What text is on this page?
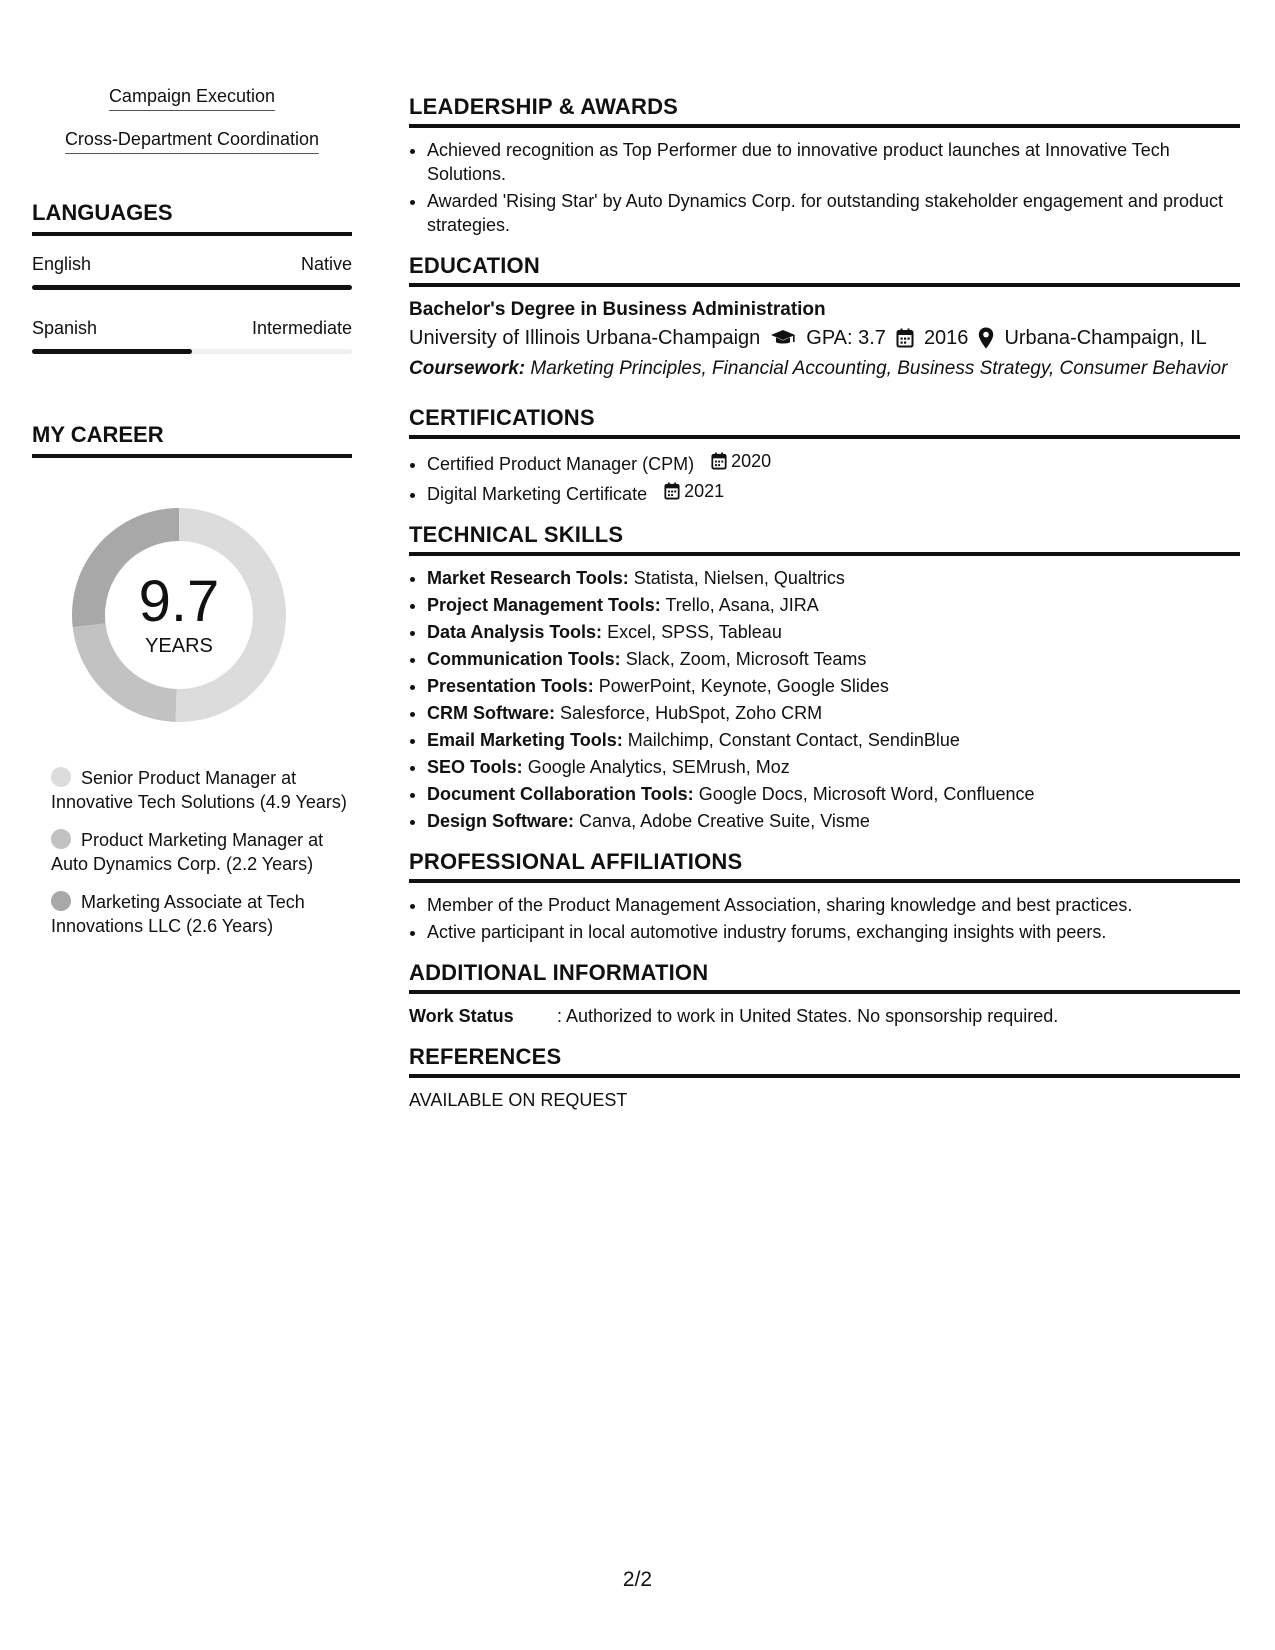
Campaign Execution
Cross-Department Coordination
LANGUAGES
English	Native
Spanish	Intermediate
MY CAREER
9.7
YEARS
Senior Product Manager at Innovative Tech Solutions (4.9 Years)
Product Marketing Manager at Auto Dynamics Corp. (2.2 Years)
Marketing Associate at Tech Innovations LLC (2.6 Years)
LEADERSHIP & AWARDS
• Achieved recognition as Top Performer due to innovative product launches at Innovative Tech Solutions.
• Awarded 'Rising Star' by Auto Dynamics Corp. for outstanding stakeholder engagement and product strategies.
EDUCATION
Bachelor's Degree in Business Administration
University of Illinois Urbana-Champaign GPA: 3.7 2016 Urbana-Champaign, IL
Coursework: Marketing Principles, Financial Accounting, Business Strategy, Consumer Behavior
CERTIFICATIONS
• Certified Product Manager (CPM) 2020
• Digital Marketing Certificate 2021
TECHNICAL SKILLS
• Market Research Tools: Statista, Nielsen, Qualtrics
• Project Management Tools: Trello, Asana, JIRA
• Data Analysis Tools: Excel, SPSS, Tableau
• Communication Tools: Slack, Zoom, Microsoft Teams
• Presentation Tools: PowerPoint, Keynote, Google Slides
• CRM Software: Salesforce, HubSpot, Zoho CRM
• Email Marketing Tools: Mailchimp, Constant Contact, SendinBlue
• SEO Tools: Google Analytics, SEMrush, Moz
• Document Collaboration Tools: Google Docs, Microsoft Word, Confluence
• Design Software: Canva, Adobe Creative Suite, Visme
PROFESSIONAL AFFILIATIONS
• Member of the Product Management Association, sharing knowledge and best practices.
• Active participant in local automotive industry forums, exchanging insights with peers.
ADDITIONAL INFORMATION
Work Status	: Authorized to work in United States. No sponsorship required.
REFERENCES
AVAILABLE ON REQUEST
2/2
